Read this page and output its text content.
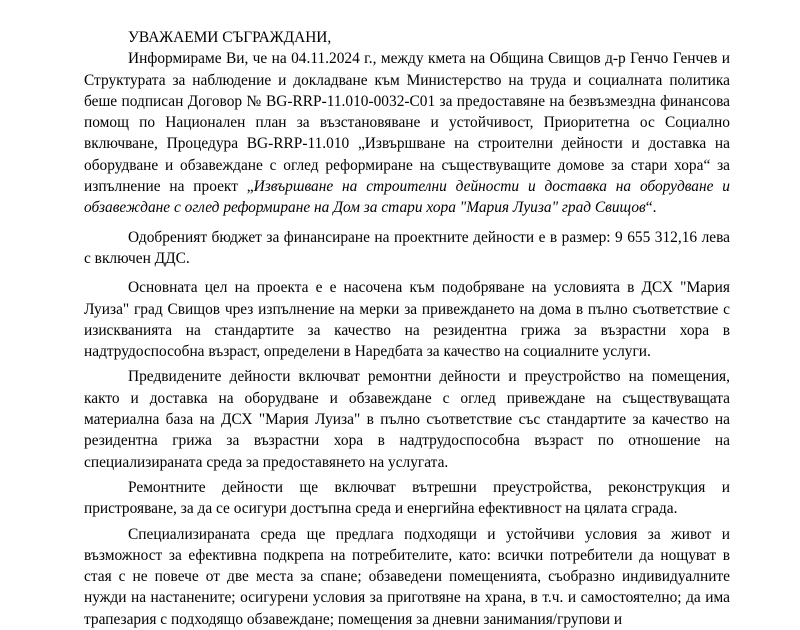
УВАЖАЕМИ СЪГРАЖДАНИ,

Информираме Ви, че на 04.11.2024 г., между кмета на Община Свищов д-р Генчо Генчев и Структурата за наблюдение и докладване към Министерство на труда и социалната политика беше подписан Договор № BG-RRP-11.010-0032-C01 за предоставяне на безвъзмездна финансова помощ по Национален план за възстановяване и устойчивост, Приоритетна ос Социално включване, Процедура BG-RRP-11.010 „Извършване на строителни дейности и доставка на оборудване и обзавеждане с оглед реформиране на съществуващите домове за стари хора“ за изпълнение на проект „Извършване на строителни дейности и доставка на оборудване и обзавеждане с оглед реформиране на Дом за стари хора "Мария Луиза" град Свищов“.

Одобреният бюджет за финансиране на проектните дейности е в размер: 9 655 312,16 лева с включен ДДС.

Основната цел на проекта е е насочена към подобряване на условията в ДСХ "Мария Луиза" град Свищов чрез изпълнение на мерки за привеждането на дома в пълно съответствие с изискванията на стандартите за качество на резидентна грижа за възрастни хора в надтрудоспособна възраст, определени в Наредбата за качество на социалните услуги.

Предвидените дейности включват ремонтни дейности и преустройство на помещения, както и доставка на оборудване и обзавеждане с оглед привеждане на съществуващата материална база на ДСХ "Мария Луиза" в пълно съответствие със стандартите за качество на резидентна грижа за възрастни хора в надтрудоспособна възраст по отношение на специализираната среда за предоставянето на услугата.

Ремонтните дейности ще включват вътрешни преустройства, реконструкция и пристрояване, за да се осигури достъпна среда и енергийна ефективност на цялата сграда.

Специализираната среда ще предлага подходящи и устойчиви условия за живот и възможност за ефективна подкрепа на потребителите, като: всички потребители да нощуват в стая с не повече от две места за спане; обзаведени помещенията, съобразно индивидуалните нужди на настанените; осигурени условия за приготвяне на храна, в т.ч. и самостоятелно; да има трапезария с подходящо обзавеждане; помещения за дневни занимания/групови и
